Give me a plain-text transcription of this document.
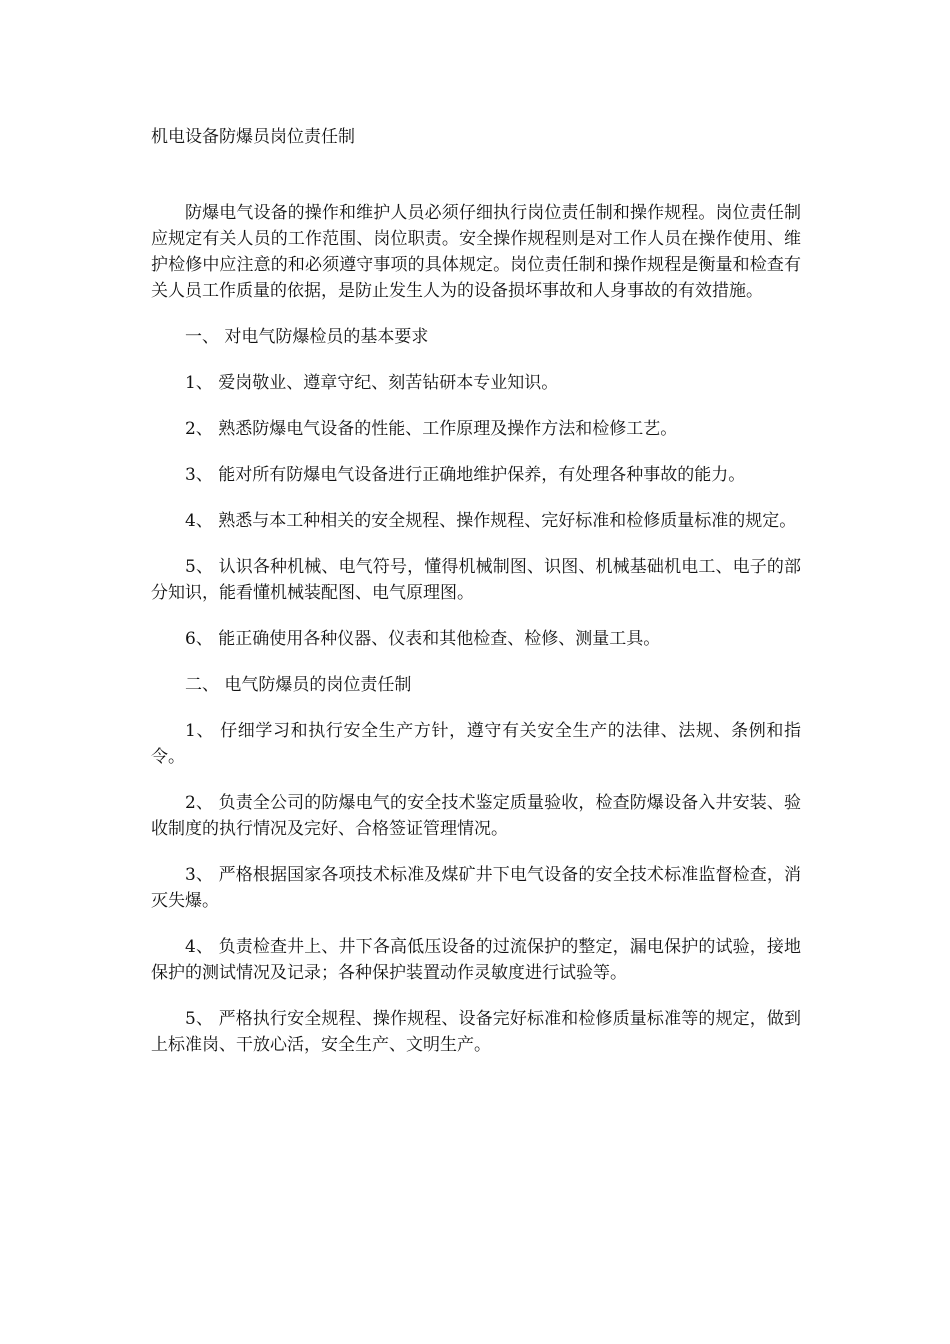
机电设备防爆员岗位责任制

防爆电气设备的操作和维护人员必须仔细执行岗位责任制和操作规程。岗位责任制应规定有关人员的工作范围、岗位职责。安全操作规程则是对工作人员在操作使用、维护检修中应注意的和必须遵守事项的具体规定。岗位责任制和操作规程是衡量和检查有关人员工作质量的依据，是防止发生人为的设备损坏事故和人身事故的有效措施。

一、 对电气防爆检员的基本要求

1、 爱岗敬业、遵章守纪、刻苦钻研本专业知识。

2、 熟悉防爆电气设备的性能、工作原理及操作方法和检修工艺。

3、 能对所有防爆电气设备进行正确地维护保养，有处理各种事故的能力。

4、 熟悉与本工种相关的安全规程、操作规程、完好标准和检修质量标准的规定。

5、 认识各种机械、电气符号，懂得机械制图、识图、机械基础机电工、电子的部分知识，能看懂机械装配图、电气原理图。

6、 能正确使用各种仪器、仪表和其他检查、检修、测量工具。

二、 电气防爆员的岗位责任制

1、 仔细学习和执行安全生产方针，遵守有关安全生产的法律、法规、条例和指令。

2、 负责全公司的防爆电气的安全技术鉴定质量验收，检查防爆设备入井安装、验收制度的执行情况及完好、合格签证管理情况。

3、 严格根据国家各项技术标准及煤矿井下电气设备的安全技术标准监督检查，消灭失爆。

4、 负责检查井上、井下各高低压设备的过流保护的整定，漏电保护的试验，接地保护的测试情况及记录；各种保护装置动作灵敏度进行试验等。

5、 严格执行安全规程、操作规程、设备完好标准和检修质量标准等的规定，做到上标准岗、干放心活，安全生产、文明生产。
